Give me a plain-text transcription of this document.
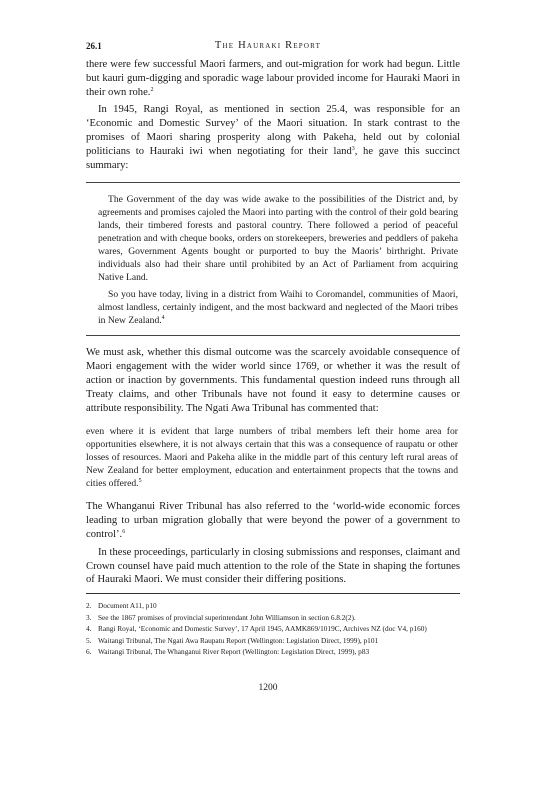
26.1	The Hauraki Report

there were few successful Maori farmers, and out-migration for work had begun. Little but kauri gum-digging and sporadic wage labour provided income for Hauraki Maori in their own rohe.$^2$

In 1945, Rangi Royal, as mentioned in section 25.4, was responsible for an ‘Economic and Domestic Survey’ of the Maori situation. In stark contrast to the promises of Maori sharing prosperity along with Pakeha, held out by colonial politicians to Hauraki iwi when negotiating for their land$^3$, he gave this succinct summary:

The Government of the day was wide awake to the possibilities of the District and, by agreements and promises cajoled the Maori into parting with the control of their gold bearing lands, their timbered forests and pastoral country. There followed a period of peaceful penetration and with cheque books, orders on storekeepers, breweries and peddlers of pakeha wares, Government Agents bought or purported to buy the Maoris’ birthright. Private individuals also had their share until prohibited by an Act of Parliament from acquiring Native Land.

So you have today, living in a district from Waihi to Coromandel, communities of Maori, almost landless, certainly indigent, and the most backward and neglected of the Maori tribes in New Zealand.$^4$

We must ask, whether this dismal outcome was the scarcely avoidable consequence of Maori engagement with the wider world since 1769, or whether it was the result of action or inaction by governments. This fundamental question indeed runs through all Treaty claims, and other Tribunals have not found it easy to determine causes or attribute responsibility. The Ngati Awa Tribunal has commented that:

even where it is evident that large numbers of tribal members left their home area for opportunities elsewhere, it is not always certain that this was a consequence of raupatu or other losses of resources. Maori and Pakeha alike in the middle part of this century left rural areas of New Zealand for better employment, education and entertainment propects that the towns and cities offered.$^5$

The Whanganui River Tribunal has also referred to the ‘world-wide economic forces leading to urban migration globally that were beyond the power of a government to control’.$^6$

In these proceedings, particularly in closing submissions and responses, claimant and Crown counsel have paid much attention to the role of the State in shaping the fortunes of Hauraki Maori. We must consider their differing positions.

2. Document A11, p10
3. See the 1867 promises of provincial superintendant John Williamson in section 6.8.2(2).
4. Rangi Royal, ‘Economic and Domestic Survey’, 17 April 1945, AAMK869/1019C, Archives NZ (doc V4, p160)
5. Waitangi Tribunal, The Ngati Awa Raupatu Report (Wellington: Legislation Direct, 1999), p101
6. Waitangi Tribunal, The Whanganui River Report (Wellington: Legislation Direct, 1999), p83
1200
